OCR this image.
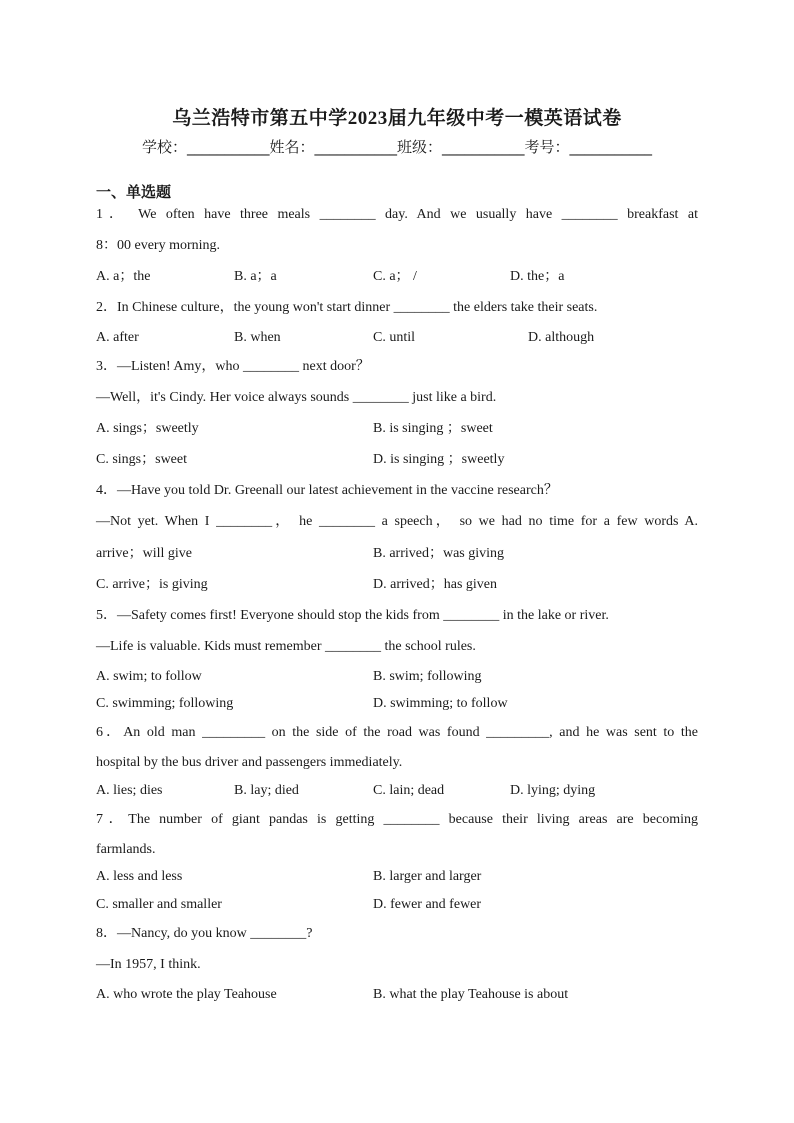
乌兰浩特市第五中学2023届九年级中考一模英语试卷
学校：___________姓名：___________班级：___________考号：___________
一、单选题
1． We often have three meals ________ day. And we usually have ________ breakfast at
8：00 every morning.
A. a；the	B. a；a	C. a； /	D. the；a
2．In Chinese culture，the young won't start dinner ________ the elders take their seats.
A. after	B. when	C. until	D. although
3．—Listen! Amy，who ________ next door？
—Well，it's Cindy. Her voice always sounds ________ just like a bird.
A. sings；sweetly	B. is singing ；sweet
C. sings；sweet	D. is singing ；sweetly
4．—Have you told Dr. Greenall our latest achievement in the vaccine research？
—Not yet. When I ________， he ________ a speech， so we had no time for a few words A.
arrive；will give	B. arrived；was giving
C. arrive；is giving	D. arrived；has given
5．—Safety comes first! Everyone should stop the kids from ________ in the lake or river.
—Life is valuable. Kids must remember ________ the school rules.
A. swim; to follow	B. swim; following
C. swimming; following	D. swimming; to follow
6．An old man _________ on the side of the road was found _________, and he was sent to the
hospital by the bus driver and passengers immediately.
A. lies; dies	B. lay; died	C. lain; dead	D. lying; dying
7．The number of giant pandas is getting ________ because their living areas are becoming
farmlands.
A. less and less	B. larger and larger
C. smaller and smaller	D. fewer and fewer
8．—Nancy, do you know ________?
—In 1957, I think.
A. who wrote the play Teahouse	B. what the play Teahouse is about
